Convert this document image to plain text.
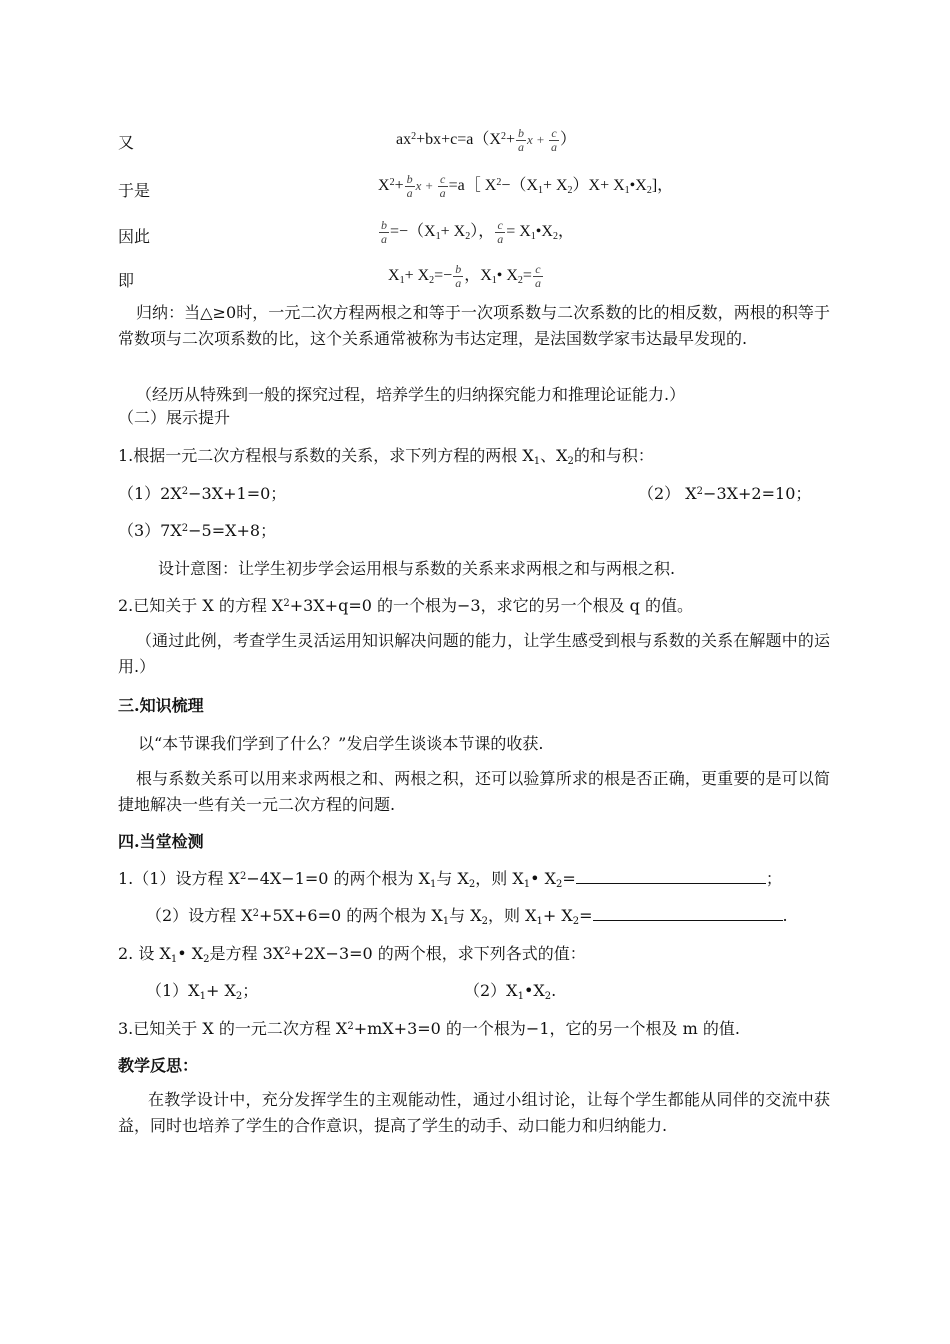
又	$ax^2+bx+c=a(X^2+ \frac{b}{a}$ $x + \frac{c}{a}$ ）
于是	$X^2+ \frac{b}{a}$ $x + \frac{c}{a}$ =a［ $X^2-(X_1+ X_2)X+$ $X_1•X_2$]，
因此	$\frac{b}{a} =-(X_1+ X_2)$， $\frac{c}{a}$ = $X_1•X_2$，
即	$X_1+ X_2=- \frac{b}{a}$ ，$X_1•$ $X_2= \frac{c}{a}$
归纳：当△≥0时，一元二次方程两根之和等于一次项系数与二次系数的比的相反数，两根的积等于常数项与二次项系数的比，这个关系通常被称为韦达定理，是法国数学家韦达最早发现的.
（经历从特殊到一般的探究过程，培养学生的归纳探究能力和推理论证能力.）
（二）展示提升
1.根据一元二次方程根与系数的关系，求下列方程的两根 $X_1$、$X_2$的和与积：
$(1)2X^2-3X+1=0$；	（2） $X^2-3X+2=10$；
$(3)7X^2-5=X+8$；
设计意图：让学生初步学会运用根与系数的关系来求两根之和与两根之积.
2.已知关于 X 的方程 $X^2+3X+q=0$ 的一个根为−3，求它的另一个根及 q 的值。
（通过此例，考查学生灵活运用知识解决问题的能力，让学生感受到根与系数的关系在解题中的运用.）
三.知识梳理
以“本节课我们学到了什么？”发启学生谈谈本节课的收获.
根与系数关系可以用来求两根之和、两根之积，还可以验算所求的根是否正确，更重要的是可以简捷地解决一些有关一元二次方程的问题.
四.当堂检测
1.（1）设方程 $X^2-4X-1=0$ 的两个根为 $X_1$与 $X_2$，则 $X_1•$ $X_2=$	；
（2）设方程 $X^2+5X+6=0$ 的两个根为 $X_1$与 $X_2$，则 $X_1+ X_2=$	.
2. 设 $X_1•$ $X_2$是方程 $3X^2+2X-3=0$ 的两个根，求下列各式的值：
$(1)X_1+ X_2$；	$(2)X_1•X_2$.
3.已知关于 X 的一元二次方程 $X^2+mX+3=0$ 的一个根为−1，它的另一个根及 m 的值.
教学反思：
在教学设计中，充分发挥学生的主观能动性，通过小组讨论，让每个学生都能从同伴的交流中获益，同时也培养了学生的合作意识，提高了学生的动手、动口能力和归纳能力.
